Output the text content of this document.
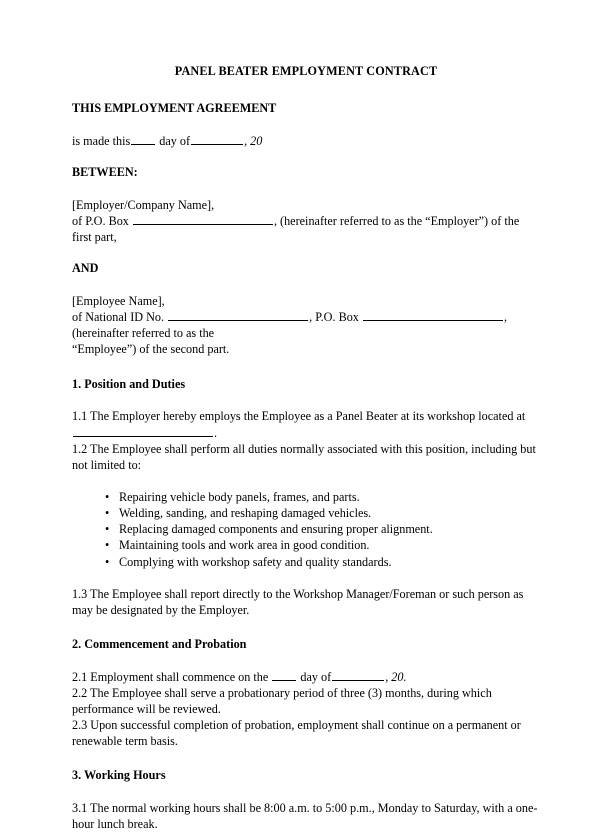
PANEL BEATER EMPLOYMENT CONTRACT
THIS EMPLOYMENT AGREEMENT
is made this day of	, 20
BETWEEN:
[Employer/Company Name],
of P.O. Box	, (hereinafter referred to as the “Employer”) of the first part,
AND
[Employee Name],
of National ID No.	, P.O. Box	, (hereinafter referred to as the
“Employee”) of the second part.
1. Position and Duties
1.1 The Employer hereby employs the Employee as a Panel Beater at its workshop located at
.
1.2 The Employee shall perform all duties normally associated with this position, including but not limited to:
• Repairing vehicle body panels, frames, and parts.
• Welding, sanding, and reshaping damaged vehicles.
• Replacing damaged components and ensuring proper alignment.
• Maintaining tools and work area in good condition.
• Complying with workshop safety and quality standards.
1.3 The Employee shall report directly to the Workshop Manager/Foreman or such person as may be designated by the Employer.
2. Commencement and Probation
2.1 Employment shall commence on the	day of	, 20.
2.2 The Employee shall serve a probationary period of three (3) months, during which performance will be reviewed.
2.3 Upon successful completion of probation, employment shall continue on a permanent or renewable term basis.
3. Working Hours
3.1 The normal working hours shall be 8:00 a.m. to 5:00 p.m., Monday to Saturday, with a one-hour lunch break.
